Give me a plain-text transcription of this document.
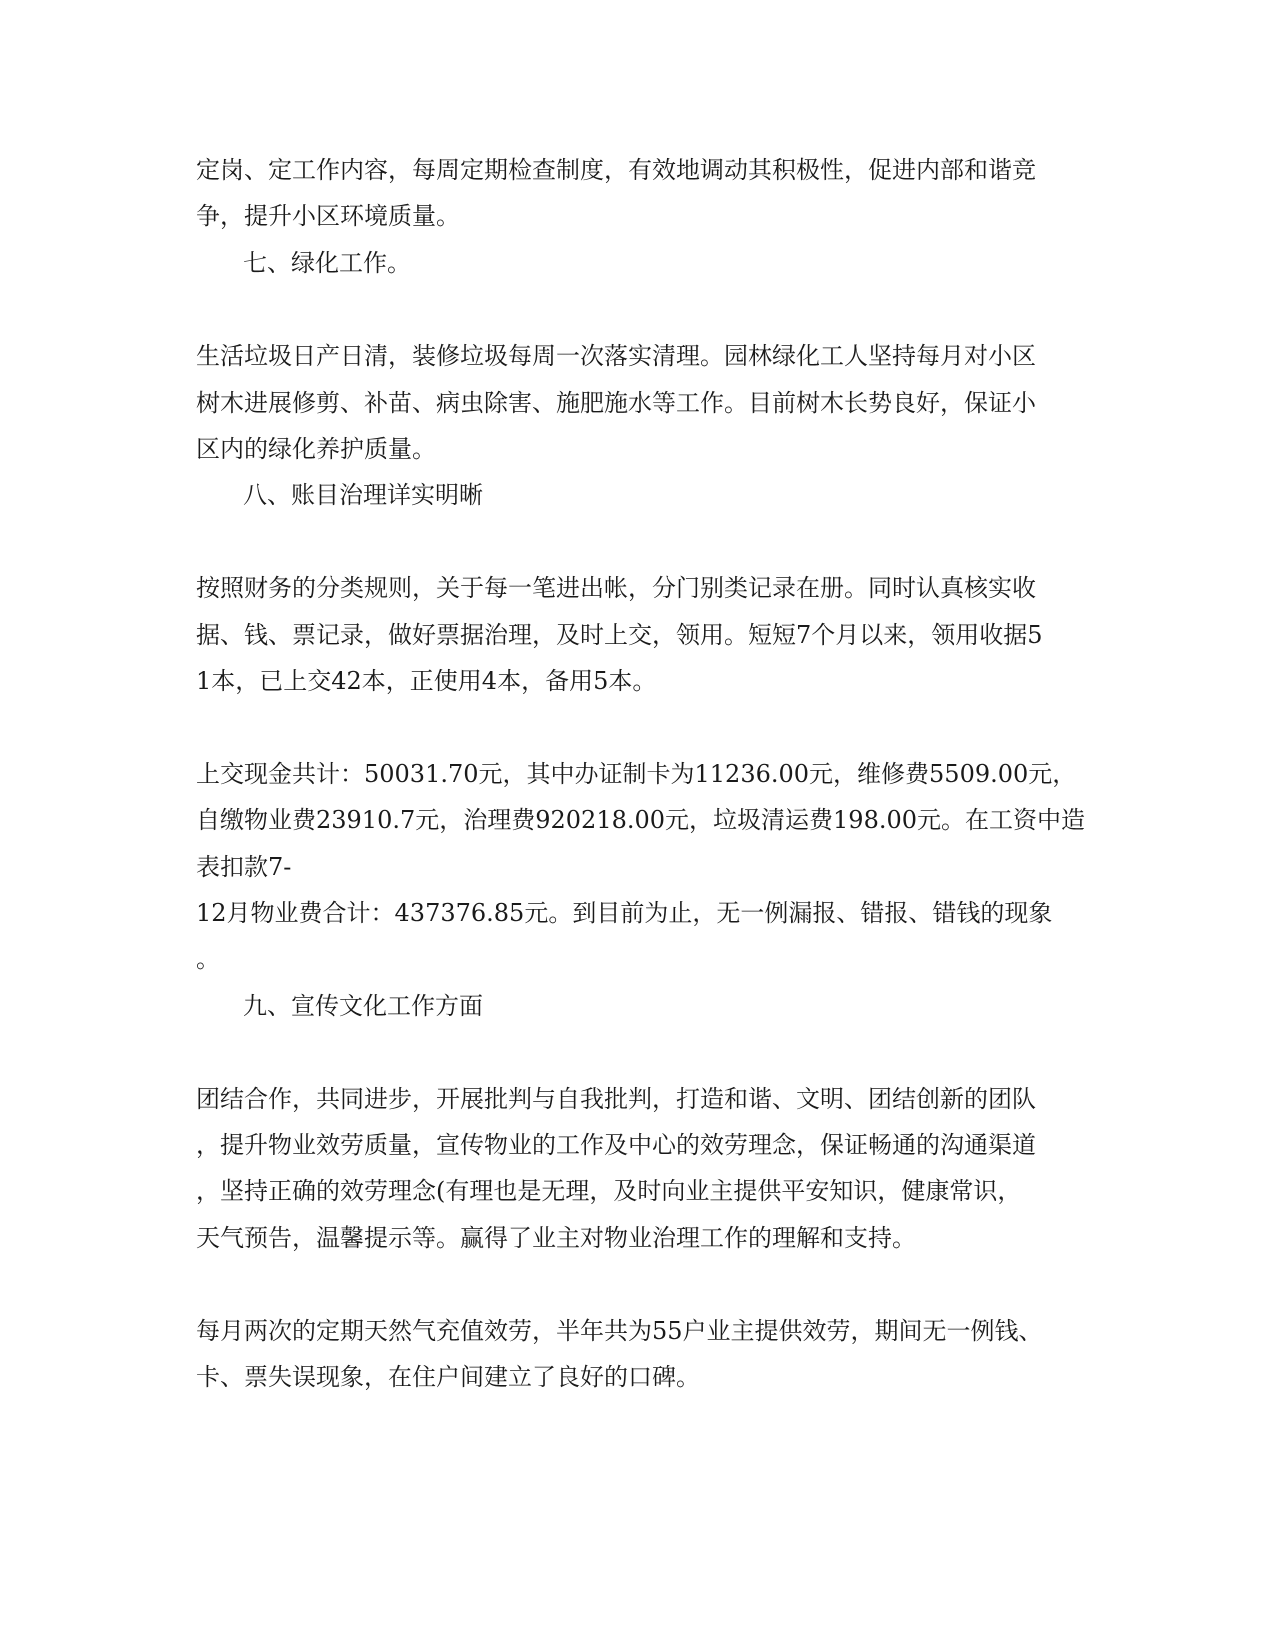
定岗、定工作内容，每周定期检查制度，有效地调动其积极性，促进内部和谐竞
争，提升小区环境质量。
七、绿化工作。
生活垃圾日产日清，装修垃圾每周一次落实清理。园林绿化工人坚持每月对小区
树木进展修剪、补苗、病虫除害、施肥施水等工作。目前树木长势良好，保证小
区内的绿化养护质量。
八、账目治理详实明晰
按照财务的分类规则，关于每一笔进出帐，分门别类记录在册。同时认真核实收
据、钱、票记录，做好票据治理，及时上交，领用。短短7个月以来，领用收据5
1本，已上交42本，正使用4本，备用5本。
上交现金共计：50031.70元，其中办证制卡为11236.00元，维修费5509.00元，
自缴物业费23910.7元，治理费920218.00元，垃圾清运费198.00元。在工资中造
表扣款7-
12月物业费合计：437376.85元。到目前为止，无一例漏报、错报、错钱的现象
。
九、宣传文化工作方面
团结合作，共同进步，开展批判与自我批判，打造和谐、文明、团结创新的团队
，提升物业效劳质量，宣传物业的工作及中心的效劳理念，保证畅通的沟通渠道
，坚持正确的效劳理念(有理也是无理，及时向业主提供平安知识，健康常识，
天气预告，温馨提示等。赢得了业主对物业治理工作的理解和支持。
每月两次的定期天然气充值效劳，半年共为55户业主提供效劳，期间无一例钱、
卡、票失误现象，在住户间建立了良好的口碑。
